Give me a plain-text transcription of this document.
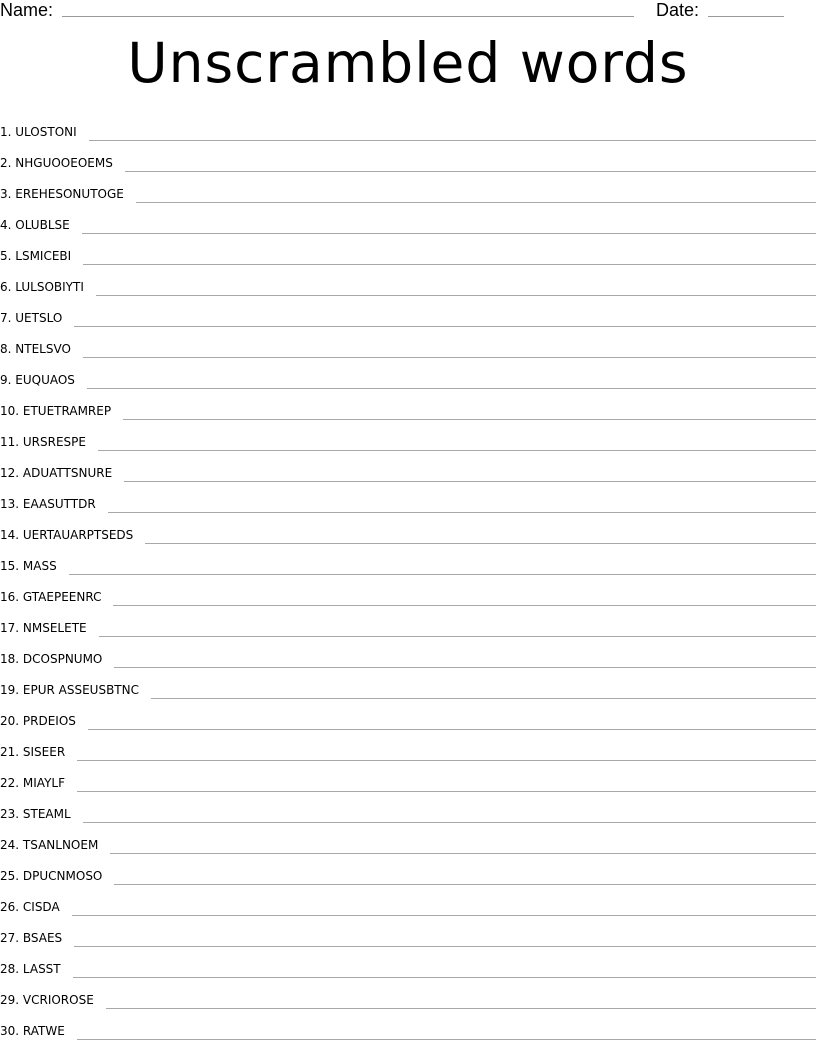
Name:	Date:
Unscrambled words
1. ULOSTONI
2. NHGUOOEOEMS
3. EREHESONUTOGE
4. OLUBLSE
5. LSMICEBI
6. LULSOBIYTI
7. UETSLO
8. NTELSVO
9. EUQUAOS
10. ETUETRAMREP
11. URSRESPE
12. ADUATTSNURE
13. EAASUTTDR
14. UERTAUARPTSEDS
15. MASS
16. GTAEPEENRC
17. NMSELETE
18. DCOSPNUMO
19. EPUR ASSEUSBTNC
20. PRDEIOS
21. SISEER
22. MIAYLF
23. STEAML
24. TSANLNOEM
25. DPUCNMOSO
26. CISDA
27. BSAES
28. LASST
29. VCRIOROSE
30. RATWE
